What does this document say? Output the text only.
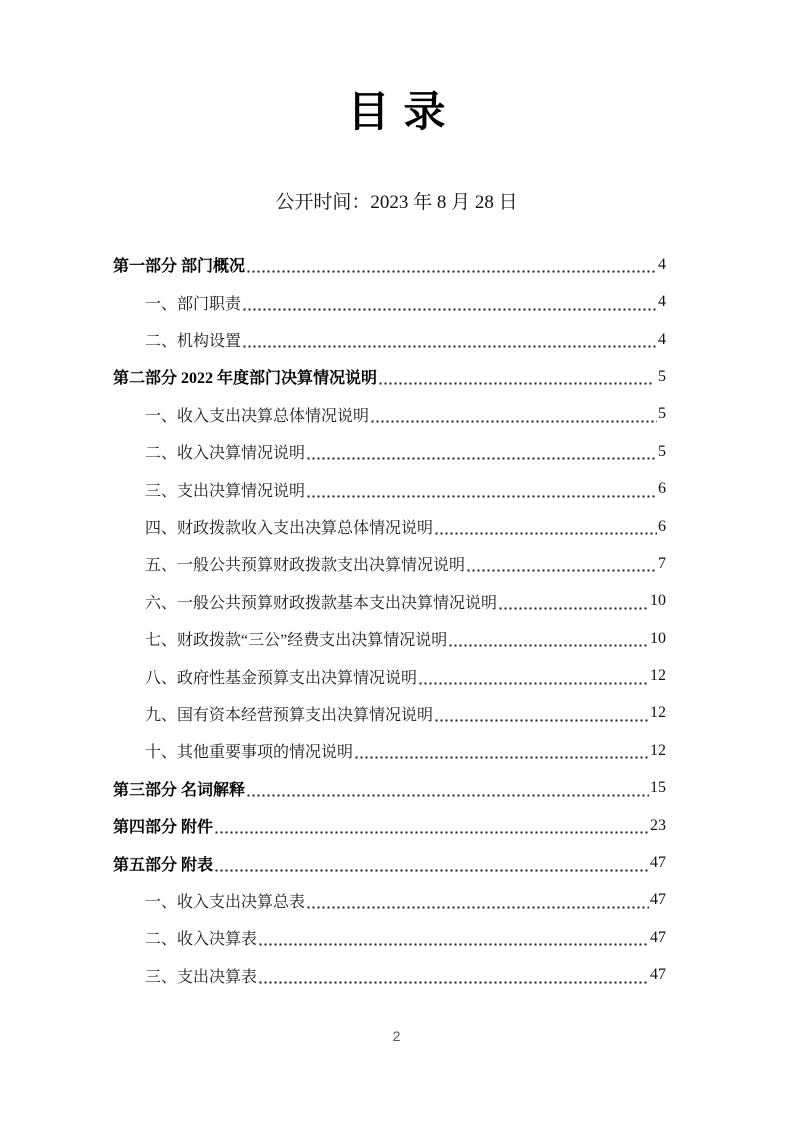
目录
公开时间：2023 年 8 月 28 日
第一部分 部门概况	4
一、部门职责	4
二、机构设置	4
第二部分 2022 年度部门决算情况说明	5
一、收入支出决算总体情况说明	5
二、收入决算情况说明	5
三、支出决算情况说明	6
四、财政拨款收入支出决算总体情况说明	6
五、一般公共预算财政拨款支出决算情况说明	7
六、一般公共预算财政拨款基本支出决算情况说明	10
七、财政拨款“三公”经费支出决算情况说明	10
八、政府性基金预算支出决算情况说明	12
九、国有资本经营预算支出决算情况说明	12
十、其他重要事项的情况说明	12
第三部分 名词解释	15
第四部分 附件	23
第五部分 附表	47
一、收入支出决算总表	47
二、收入决算表	47
三、支出决算表	47
2
